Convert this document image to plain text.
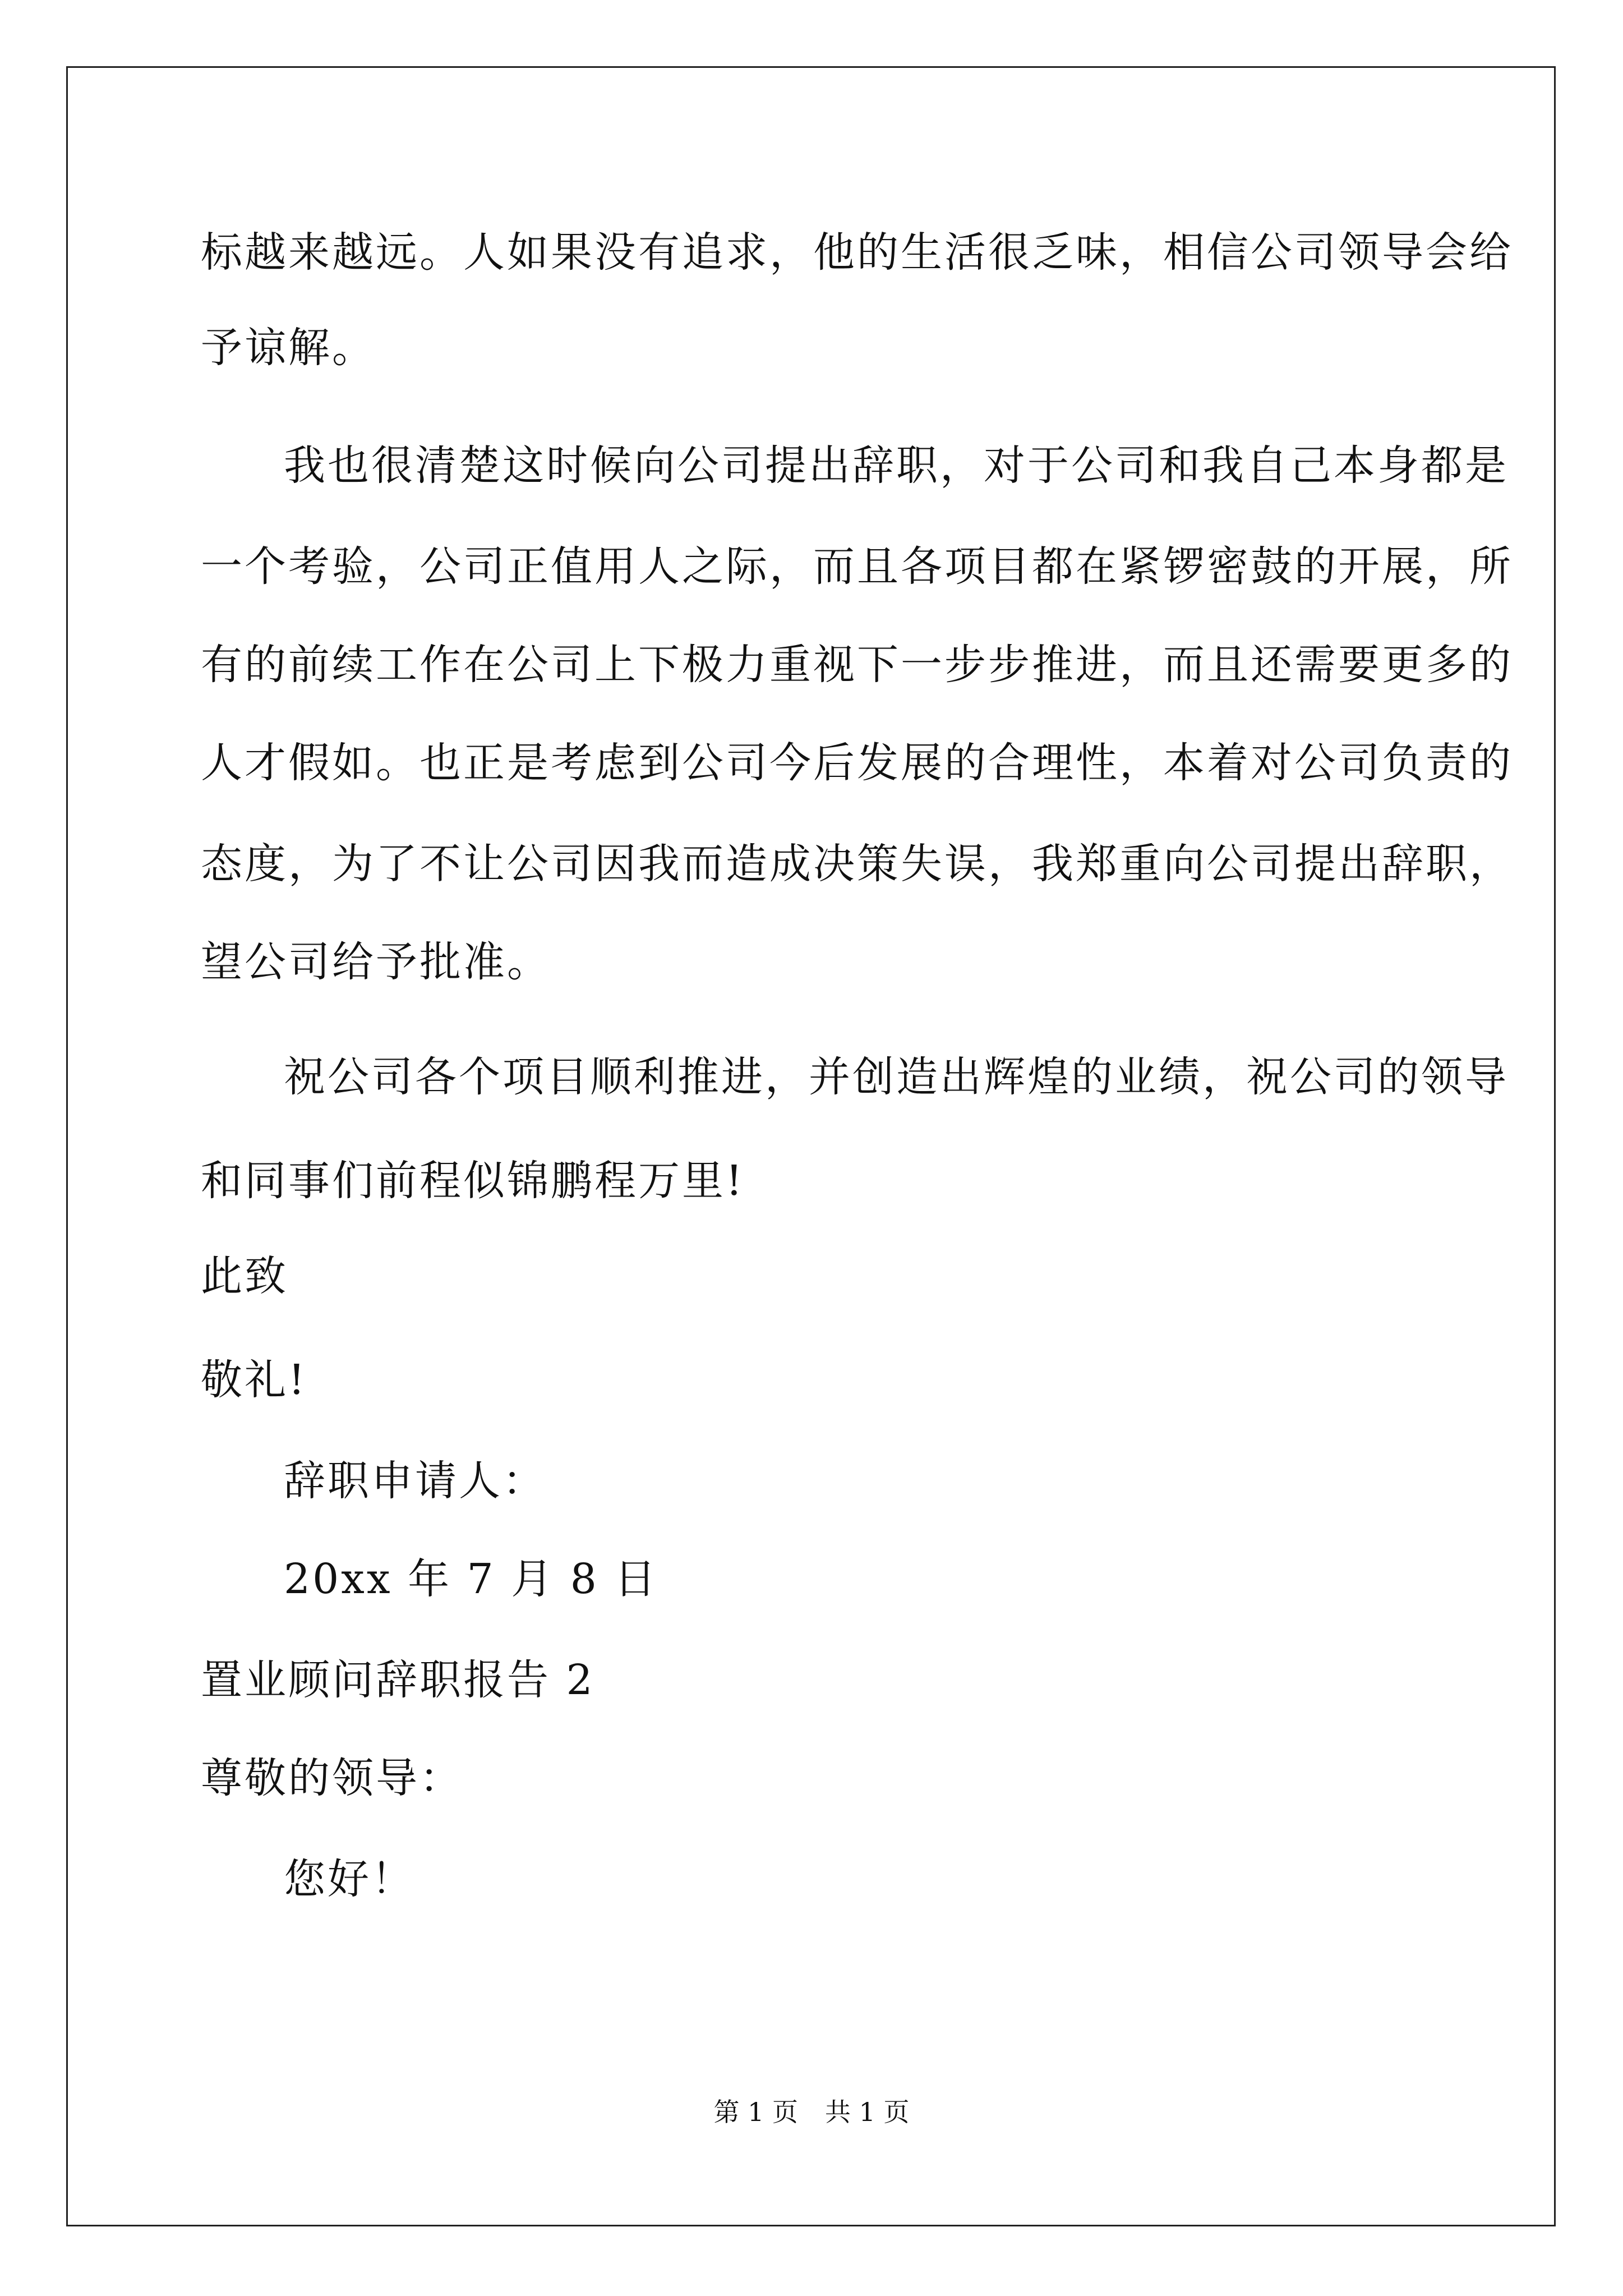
标越来越远。人如果没有追求，他的生活很乏味，相信公司领导会给
予谅解。
我也很清楚这时候向公司提出辞职，对于公司和我自己本身都是
一个考验，公司正值用人之际，而且各项目都在紧锣密鼓的开展，所
有的前续工作在公司上下极力重视下一步步推进，而且还需要更多的
人才假如。也正是考虑到公司今后发展的合理性，本着对公司负责的
态度，为了不让公司因我而造成决策失误，我郑重向公司提出辞职，
望公司给予批准。
祝公司各个项目顺利推进，并创造出辉煌的业绩，祝公司的领导
和同事们前程似锦鹏程万里!
此致
敬礼!
辞职申请人：
20xx 年 7 月 8 日
置业顾问辞职报告 2
尊敬的领导：
您好！
第 1 页 共 1 页
